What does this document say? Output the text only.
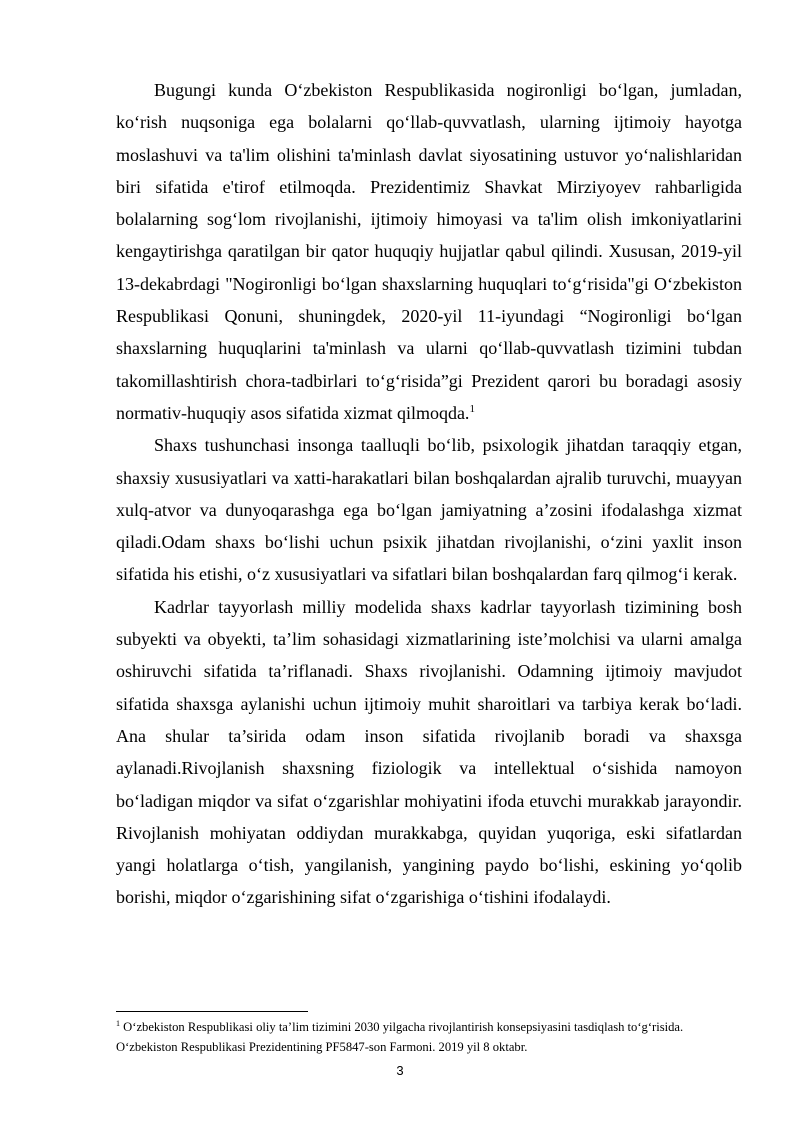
Bugungi kunda O‘zbekiston Respublikasida nogironligi bo‘lgan, jumladan, ko‘rish nuqsoniga ega bolalarni qo‘llab-quvvatlash, ularning ijtimoiy hayotga moslashuvi va ta'lim olishini ta'minlash davlat siyosatining ustuvor yo‘nalishlaridan biri sifatida e'tirof etilmoqda. Prezidentimiz Shavkat Mirziyoyev rahbarligida bolalarning sog‘lom rivojlanishi, ijtimoiy himoyasi va ta'lim olish imkoniyatlarini kengaytirishga qaratilgan bir qator huquqiy hujjatlar qabul qilindi. Xususan, 2019-yil 13-dekabrdagi "Nogironligi bo‘lgan shaxslarning huquqlari to‘g‘risida"gi O‘zbekiston Respublikasi Qonuni, shuningdek, 2020-yil 11-iyundagi “Nogironligi bo‘lgan shaxslarning huquqlarini ta'minlash va ularni qo‘llab-quvvatlash tizimini tubdan takomillashtirish chora-tadbirlari to‘g‘risida”gi Prezident qarori bu boradagi asosiy normativ-huquqiy asos sifatida xizmat qilmoqda.$^1$

Shaxs tushunchasi insonga taalluqli bo‘lib, psixologik jihatdan taraqqiy etgan, shaxsiy xususiyatlari va xatti-harakatlari bilan boshqalardan ajralib turuvchi, muayyan xulq-atvor va dunyoqarashga ega bo‘lgan jamiyatning a’zosini ifodalashga xizmat qiladi.Odam shaxs bo‘lishi uchun psixik jihatdan rivojlanishi, o‘zini yaxlit inson sifatida his etishi, o‘z xususiyatlari va sifatlari bilan boshqalardan farq qilmog‘i kerak.

Kadrlar tayyorlash milliy modelida shaxs kadrlar tayyorlash tizimining bosh subyekti va obyekti, ta’lim sohasidagi xizmatlarining iste’molchisi va ularni amalga oshiruvchi sifatida ta’riflanadi. Shaxs rivojlanishi. Odamning ijtimoiy mavjudot sifatida shaxsga aylanishi uchun ijtimoiy muhit sharoitlari va tarbiya kerak bo‘ladi. Ana shular ta’sirida odam inson sifatida rivojlanib boradi va shaxsga aylanadi.Rivojlanish shaxsning fiziologik va intellektual o‘sishida namoyon bo‘ladigan miqdor va sifat o‘zgarishlar mohiyatini ifoda etuvchi murakkab jarayondir. Rivojlanish mohiyatan oddiydan murakkabga, quyidan yuqoriga, eski sifatlardan yangi holatlarga o‘tish, yangilanish, yangining paydo bo‘lishi, eskining yo‘qolib borishi, miqdor o‘zgarishining sifat o‘zgarishiga o‘tishini ifodalaydi.

$^1$ O‘zbekiston Respublikasi oliy ta’lim tizimini 2030 yilgacha rivojlantirish konsepsiyasini tasdiqlash to‘g‘risida.
O‘zbekiston Respublikasi Prezidentining PF5847-son Farmoni. 2019 yil 8 oktabr.
3
